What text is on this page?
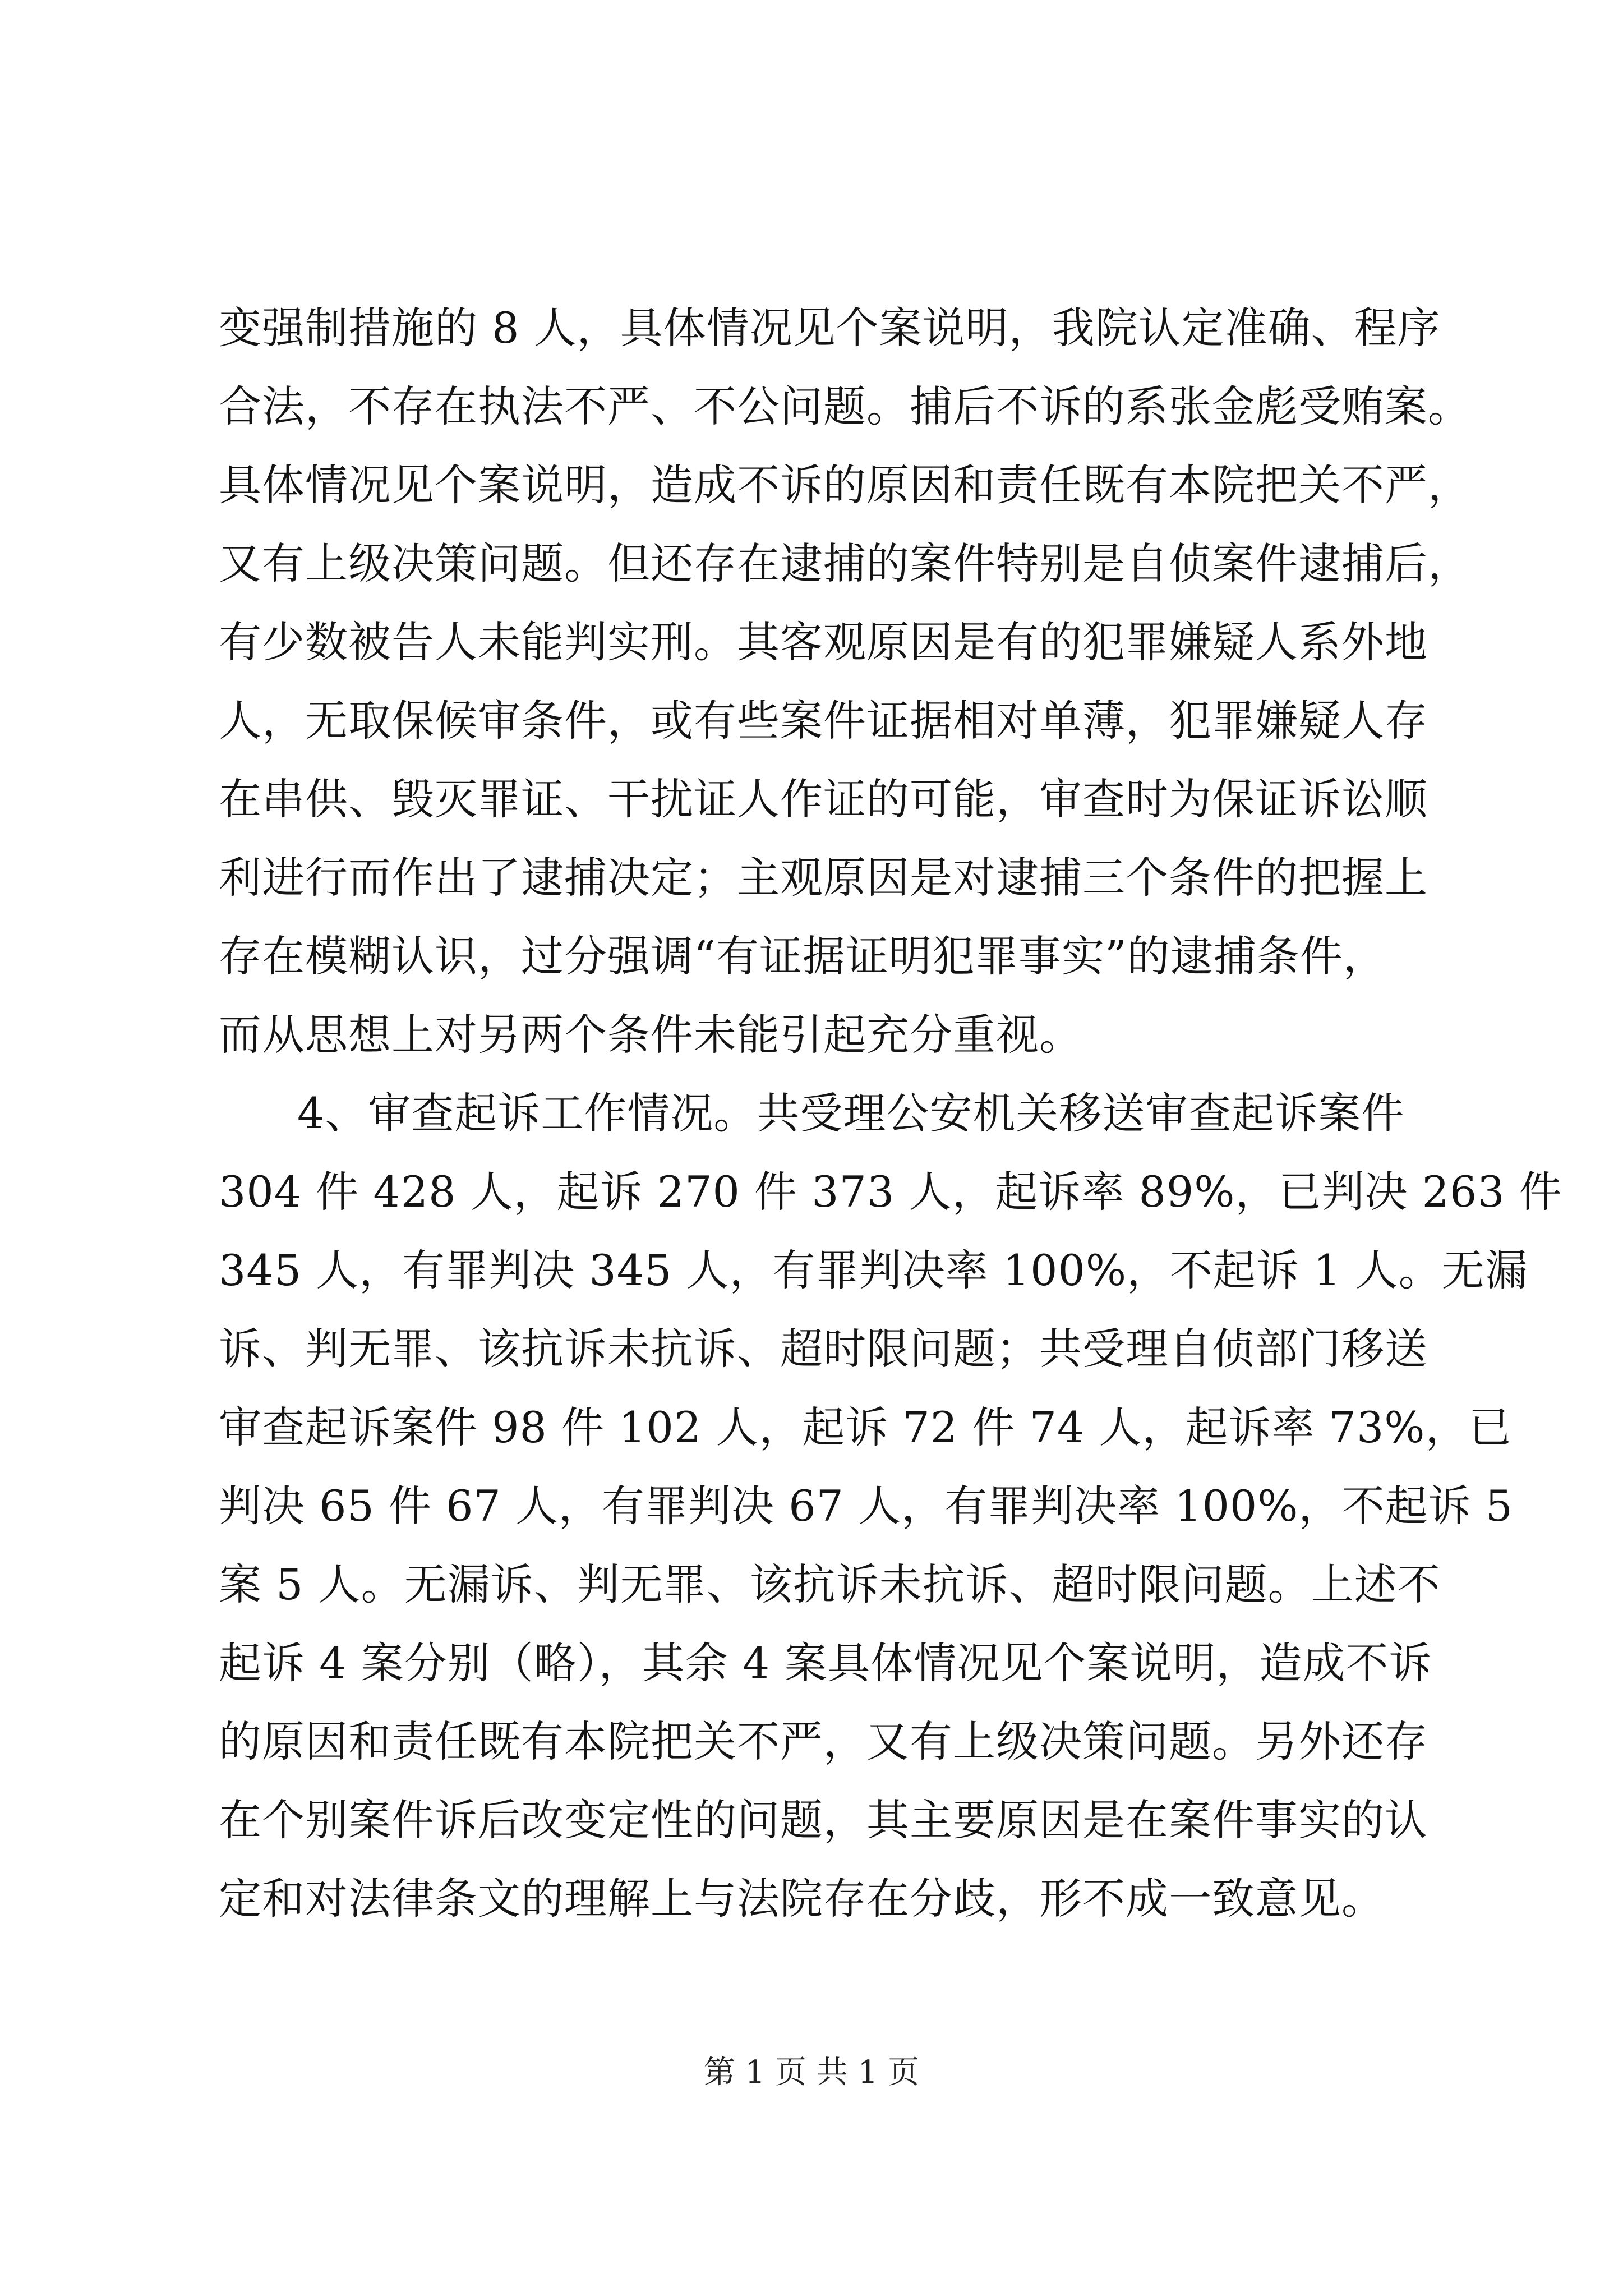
变强制措施的 8 人，具体情况见个案说明，我院认定准确、程序
合法，不存在执法不严、不公问题。捕后不诉的系张金彪受贿案。
具体情况见个案说明，造成不诉的原因和责任既有本院把关不严，
又有上级决策问题。但还存在逮捕的案件特别是自侦案件逮捕后，
有少数被告人未能判实刑。其客观原因是有的犯罪嫌疑人系外地
人，无取保候审条件，或有些案件证据相对单薄，犯罪嫌疑人存
在串供、毁灭罪证、干扰证人作证的可能，审查时为保证诉讼顺
利进行而作出了逮捕决定；主观原因是对逮捕三个条件的把握上
存在模糊认识，过分强调“有证据证明犯罪事实”的逮捕条件，
而从思想上对另两个条件未能引起充分重视。
4、审查起诉工作情况。共受理公安机关移送审查起诉案件
304 件 428 人，起诉 270 件 373 人，起诉率 89%，已判决 263 件
345 人，有罪判决 345 人，有罪判决率 100%，不起诉 1 人。无漏
诉、判无罪、该抗诉未抗诉、超时限问题；共受理自侦部门移送
审查起诉案件 98 件 102 人，起诉 72 件 74 人，起诉率 73%，已
判决 65 件 67 人，有罪判决 67 人，有罪判决率 100%，不起诉 5
案 5 人。无漏诉、判无罪、该抗诉未抗诉、超时限问题。上述不
起诉 4 案分别（略），其余 4 案具体情况见个案说明，造成不诉
的原因和责任既有本院把关不严，又有上级决策问题。另外还存
在个别案件诉后改变定性的问题，其主要原因是在案件事实的认
定和对法律条文的理解上与法院存在分歧，形不成一致意见。
第 1 页 共 1 页
